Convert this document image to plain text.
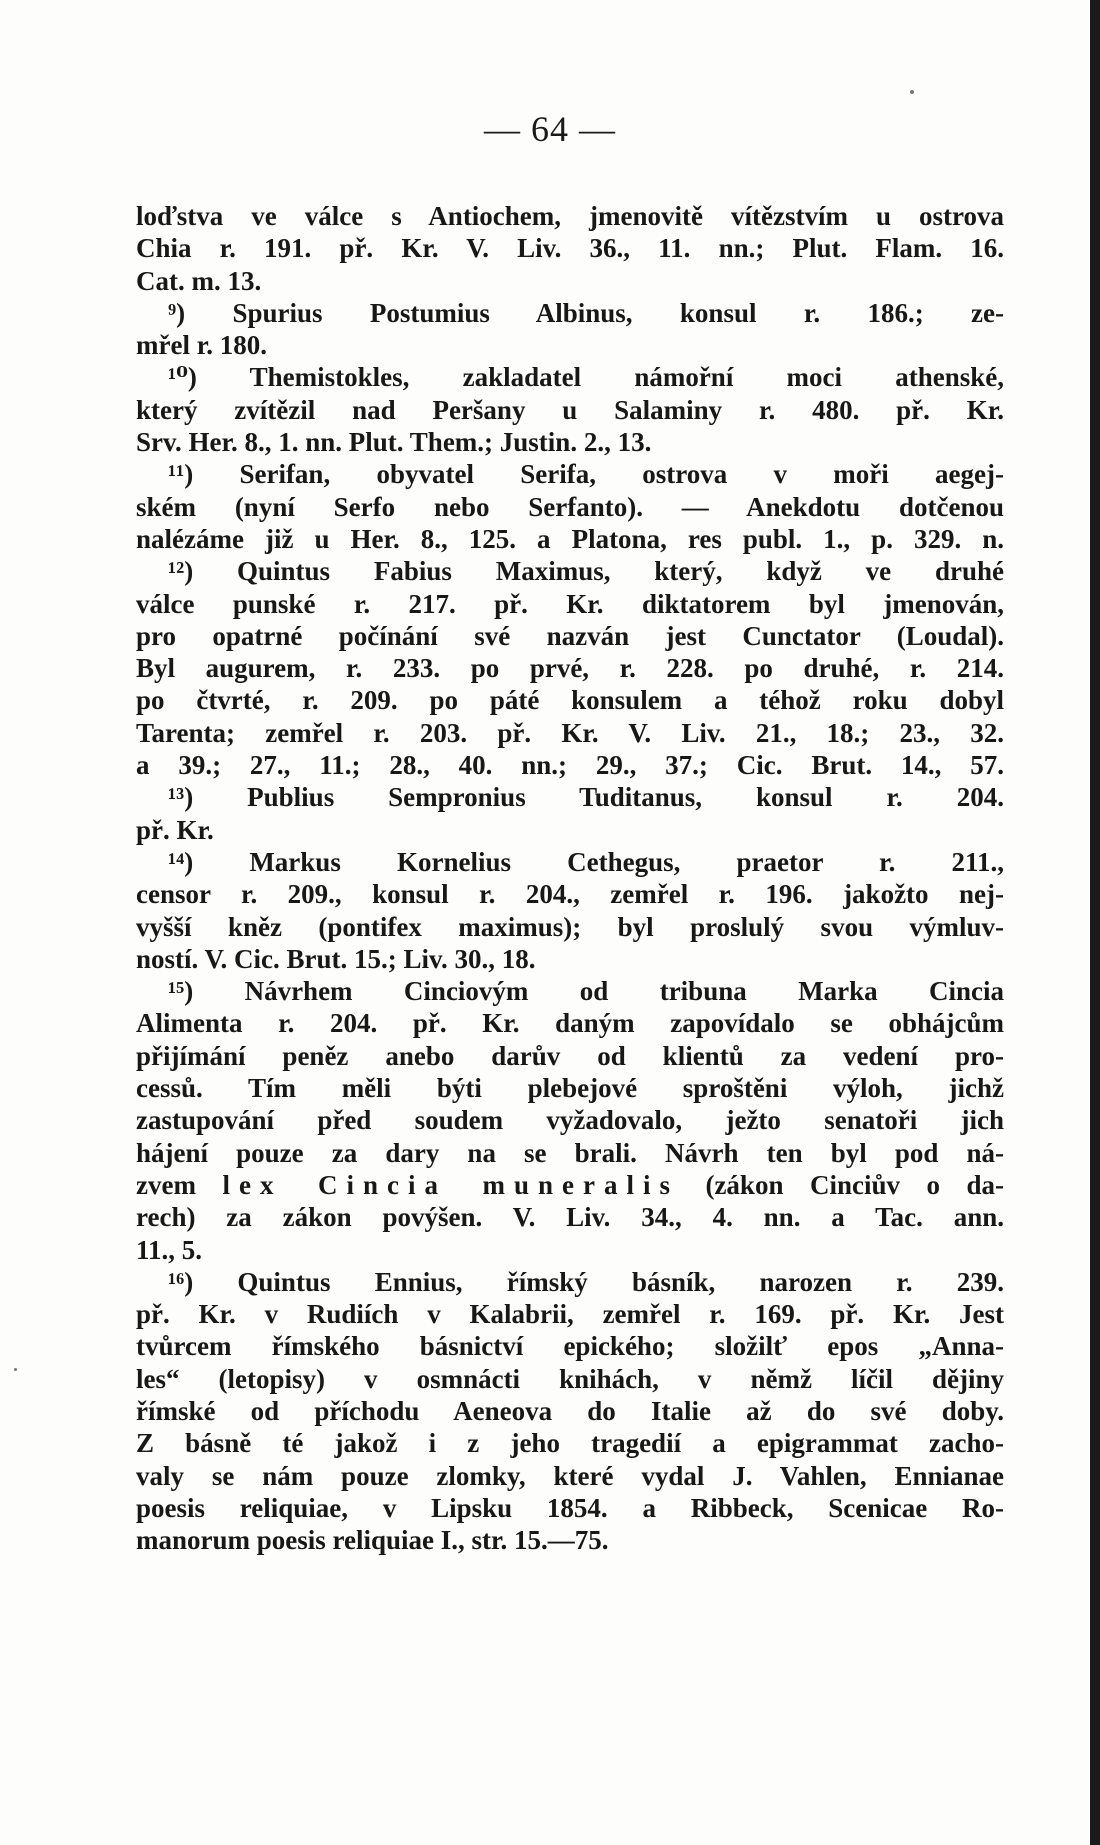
— 64 —
loďstva ve válce s Antiochem, jmenovitě vítězstvím u ostrova
Chia r. 191. př. Kr. V. Liv. 36., 11. nn.; Plut. Flam. 16.
Cat. m. 13.
⁹) Spurius Postumius Albinus, konsul r. 186.; ze-
mřel r. 180.
¹⁰) Themistokles, zakladatel námořní moci athenské,
který zvítězil nad Peršany u Salaminy r. 480. př. Kr.
Srv. Her. 8., 1. nn. Plut. Them.; Justin. 2., 13.
¹¹) Serifan, obyvatel Serifa, ostrova v moři aegej-
ském (nyní Serfo nebo Serfanto). — Anekdotu dotčenou
nalézáme již u Her. 8., 125. a Platona, res publ. 1., p. 329. n.
¹²) Quintus Fabius Maximus, který, když ve druhé
válce punské r. 217. př. Kr. diktatorem byl jmenován,
pro opatrné počínání své nazván jest Cunctator (Loudal).
Byl augurem, r. 233. po prvé, r. 228. po druhé, r. 214.
po čtvrté, r. 209. po páté konsulem a téhož roku dobyl
Tarenta; zemřel r. 203. př. Kr. V. Liv. 21., 18.; 23., 32.
a 39.; 27., 11.; 28., 40. nn.; 29., 37.; Cic. Brut. 14., 57.
¹³) Publius Sempronius Tuditanus, konsul r. 204.
př. Kr.
¹⁴) Markus Kornelius Cethegus, praetor r. 211.,
censor r. 209., konsul r. 204., zemřel r. 196. jakožto nej-
vyšší kněz (pontifex maximus); byl proslulý svou výmluv-
ností. V. Cic. Brut. 15.; Liv. 30., 18.
¹⁵) Návrhem Cinciovým od tribuna Marka Cincia
Alimenta r. 204. př. Kr. daným zapovídalo se obhájcům
přijímání peněz anebo darův od klientů za vedení pro-
cessů. Tím měli býti plebejové sproštěni výloh, jichž
zastupování před soudem vyžadovalo, ježto senatoři jich
hájení pouze za dary na se brali. Návrh ten byl pod ná-
zvem lex Cincia muneralis (zákon Cinciův o da-
rech) za zákon povýšen. V. Liv. 34., 4. nn. a Tac. ann.
11., 5.
¹⁶) Quintus Ennius, římský básník, narozen r. 239.
př. Kr. v Rudiích v Kalabrii, zemřel r. 169. př. Kr. Jest
tvůrcem římského básnictví epického; složilť epos „Anna-
les“ (letopisy) v osmnácti knihách, v němž líčil dějiny
římské od příchodu Aeneova do Italie až do své doby.
Z básně té jakož i z jeho tragedií a epigrammat zacho-
valy se nám pouze zlomky, které vydal J. Vahlen, Ennianae
poesis reliquiae, v Lipsku 1854. a Ribbeck, Scenicae Ro-
manorum poesis reliquiae I., str. 15.—75.
